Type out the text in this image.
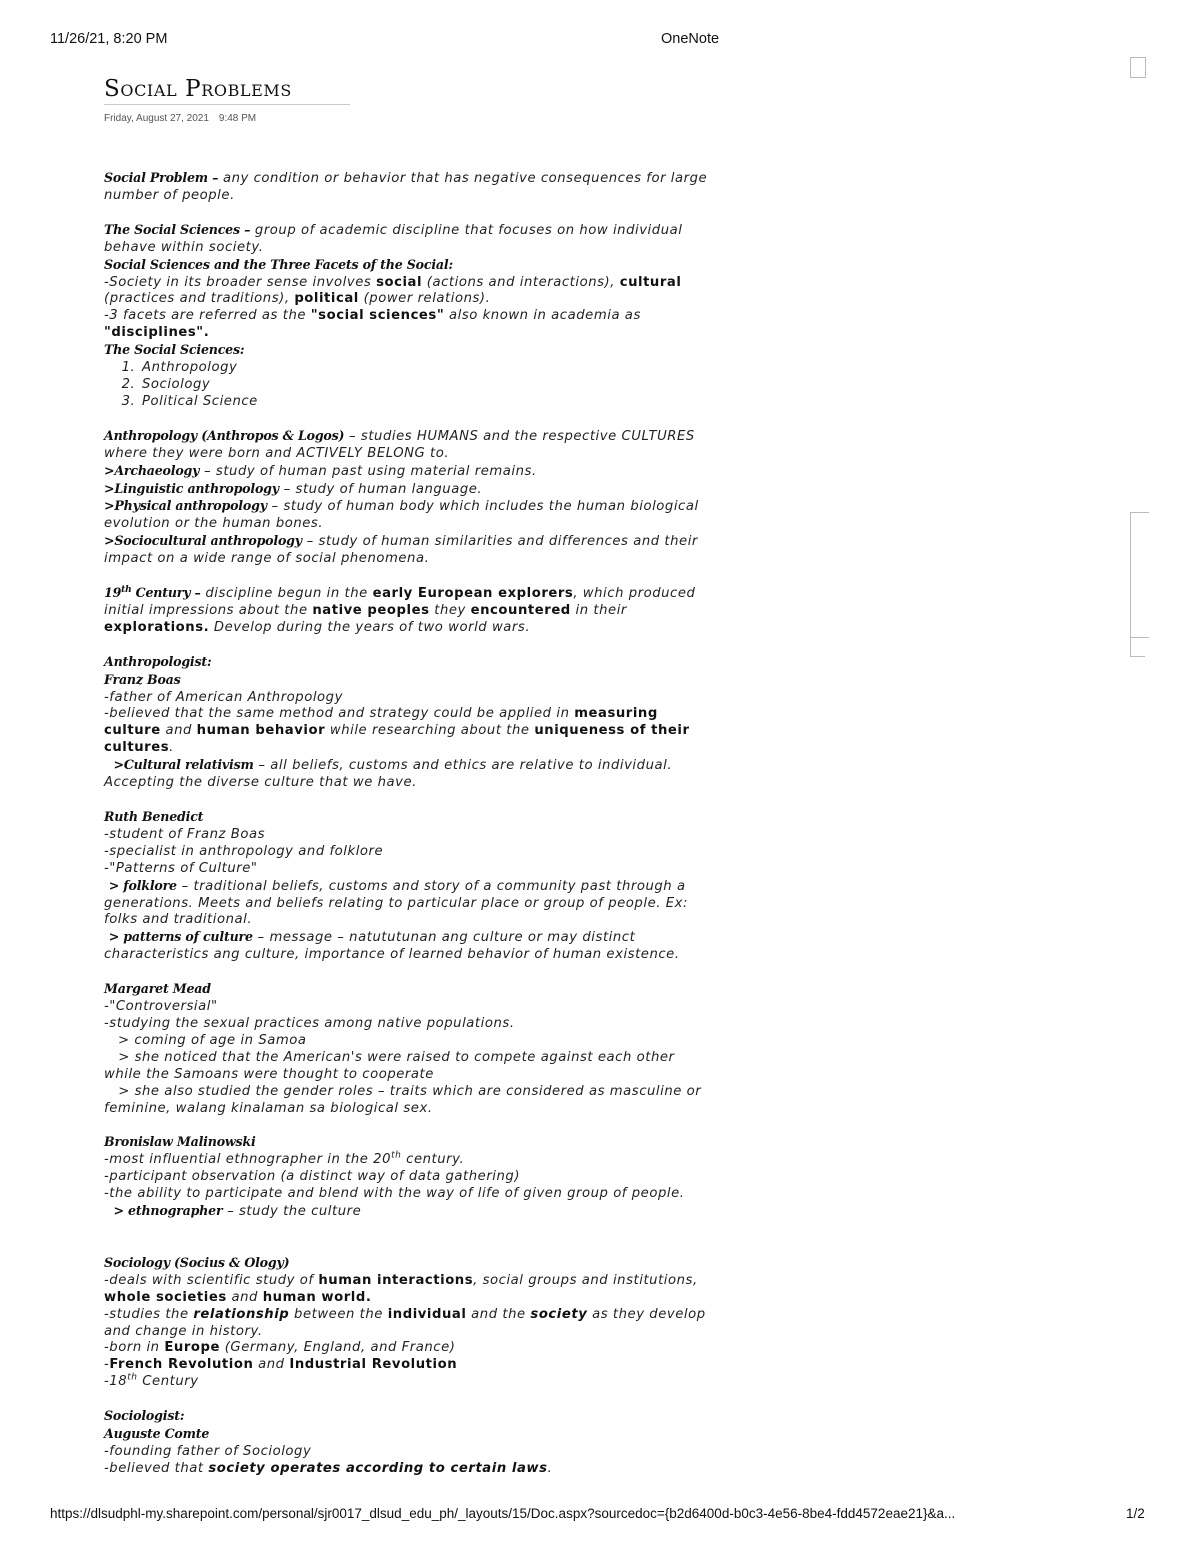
11/26/21, 8:20 PM	OneNote
Social Problems
Friday, August 27, 2021 9:48 PM

Social Problem – any condition or behavior that has negative consequences for large number of people.

The Social Sciences – group of academic discipline that focuses on how individual behave within society.

Social Sciences and the Three Facets of the Social:

-Society in its broader sense involves social (actions and interactions), cultural (practices and traditions), political (power relations).

-3 facets are referred as the "social sciences" also known in academia as "disciplines".

The Social Sciences:

1. Anthropology
2. Sociology
3. Political Science

Anthropology (Anthropos & Logos) – studies HUMANS and the respective CULTURES where they were born and ACTIVELY BELONG to.

>Archaeology – study of human past using material remains.

>Linguistic anthropology – study of human language.

>Physical anthropology – study of human body which includes the human biological evolution or the human bones.

>Sociocultural anthropology – study of human similarities and differences and their impact on a wide range of social phenomena.

19th Century – discipline begun in the early European explorers, which produced initial impressions about the native peoples they encountered in their explorations. Develop during the years of two world wars.

Anthropologist:

Franz Boas

-father of American Anthropology

-believed that the same method and strategy could be applied in measuring culture and human behavior while researching about the uniqueness of their cultures.

>Cultural relativism – all beliefs, customs and ethics are relative to individual. Accepting the diverse culture that we have.

Ruth Benedict

-student of Franz Boas

-specialist in anthropology and folklore

-"Patterns of Culture"

> folklore – traditional beliefs, customs and story of a community past through a generations. Meets and beliefs relating to particular place or group of people. Ex: folks and traditional.

> patterns of culture – message – natututunan ang culture or may distinct characteristics ang culture, importance of learned behavior of human existence.

Margaret Mead

-"Controversial"

-studying the sexual practices among native populations.

> coming of age in Samoa

> she noticed that the American's were raised to compete against each other while the Samoans were thought to cooperate

> she also studied the gender roles – traits which are considered as masculine or feminine, walang kinalaman sa biological sex.

Bronislaw Malinowski

-most influential ethnographer in the 20th century.

-participant observation (a distinct way of data gathering)

-the ability to participate and blend with the way of life of given group of people.

> ethnographer – study the culture

Sociology (Socius & Ology)

-deals with scientific study of human interactions, social groups and institutions, whole societies and human world.

-studies the relationship between the individual and the society as they develop and change in history.

-born in Europe (Germany, England, and France)

-French Revolution and Industrial Revolution

-18th Century

Sociologist:

Auguste Comte

-founding father of Sociology

-believed that society operates according to certain laws.

https://dlsudphl-my.sharepoint.com/personal/sjr0017_dlsud_edu_ph/_layouts/15/Doc.aspx?sourcedoc={b2d6400d-b0c3-4e56-8be4-fdd4572eae21}&a...	1/2
